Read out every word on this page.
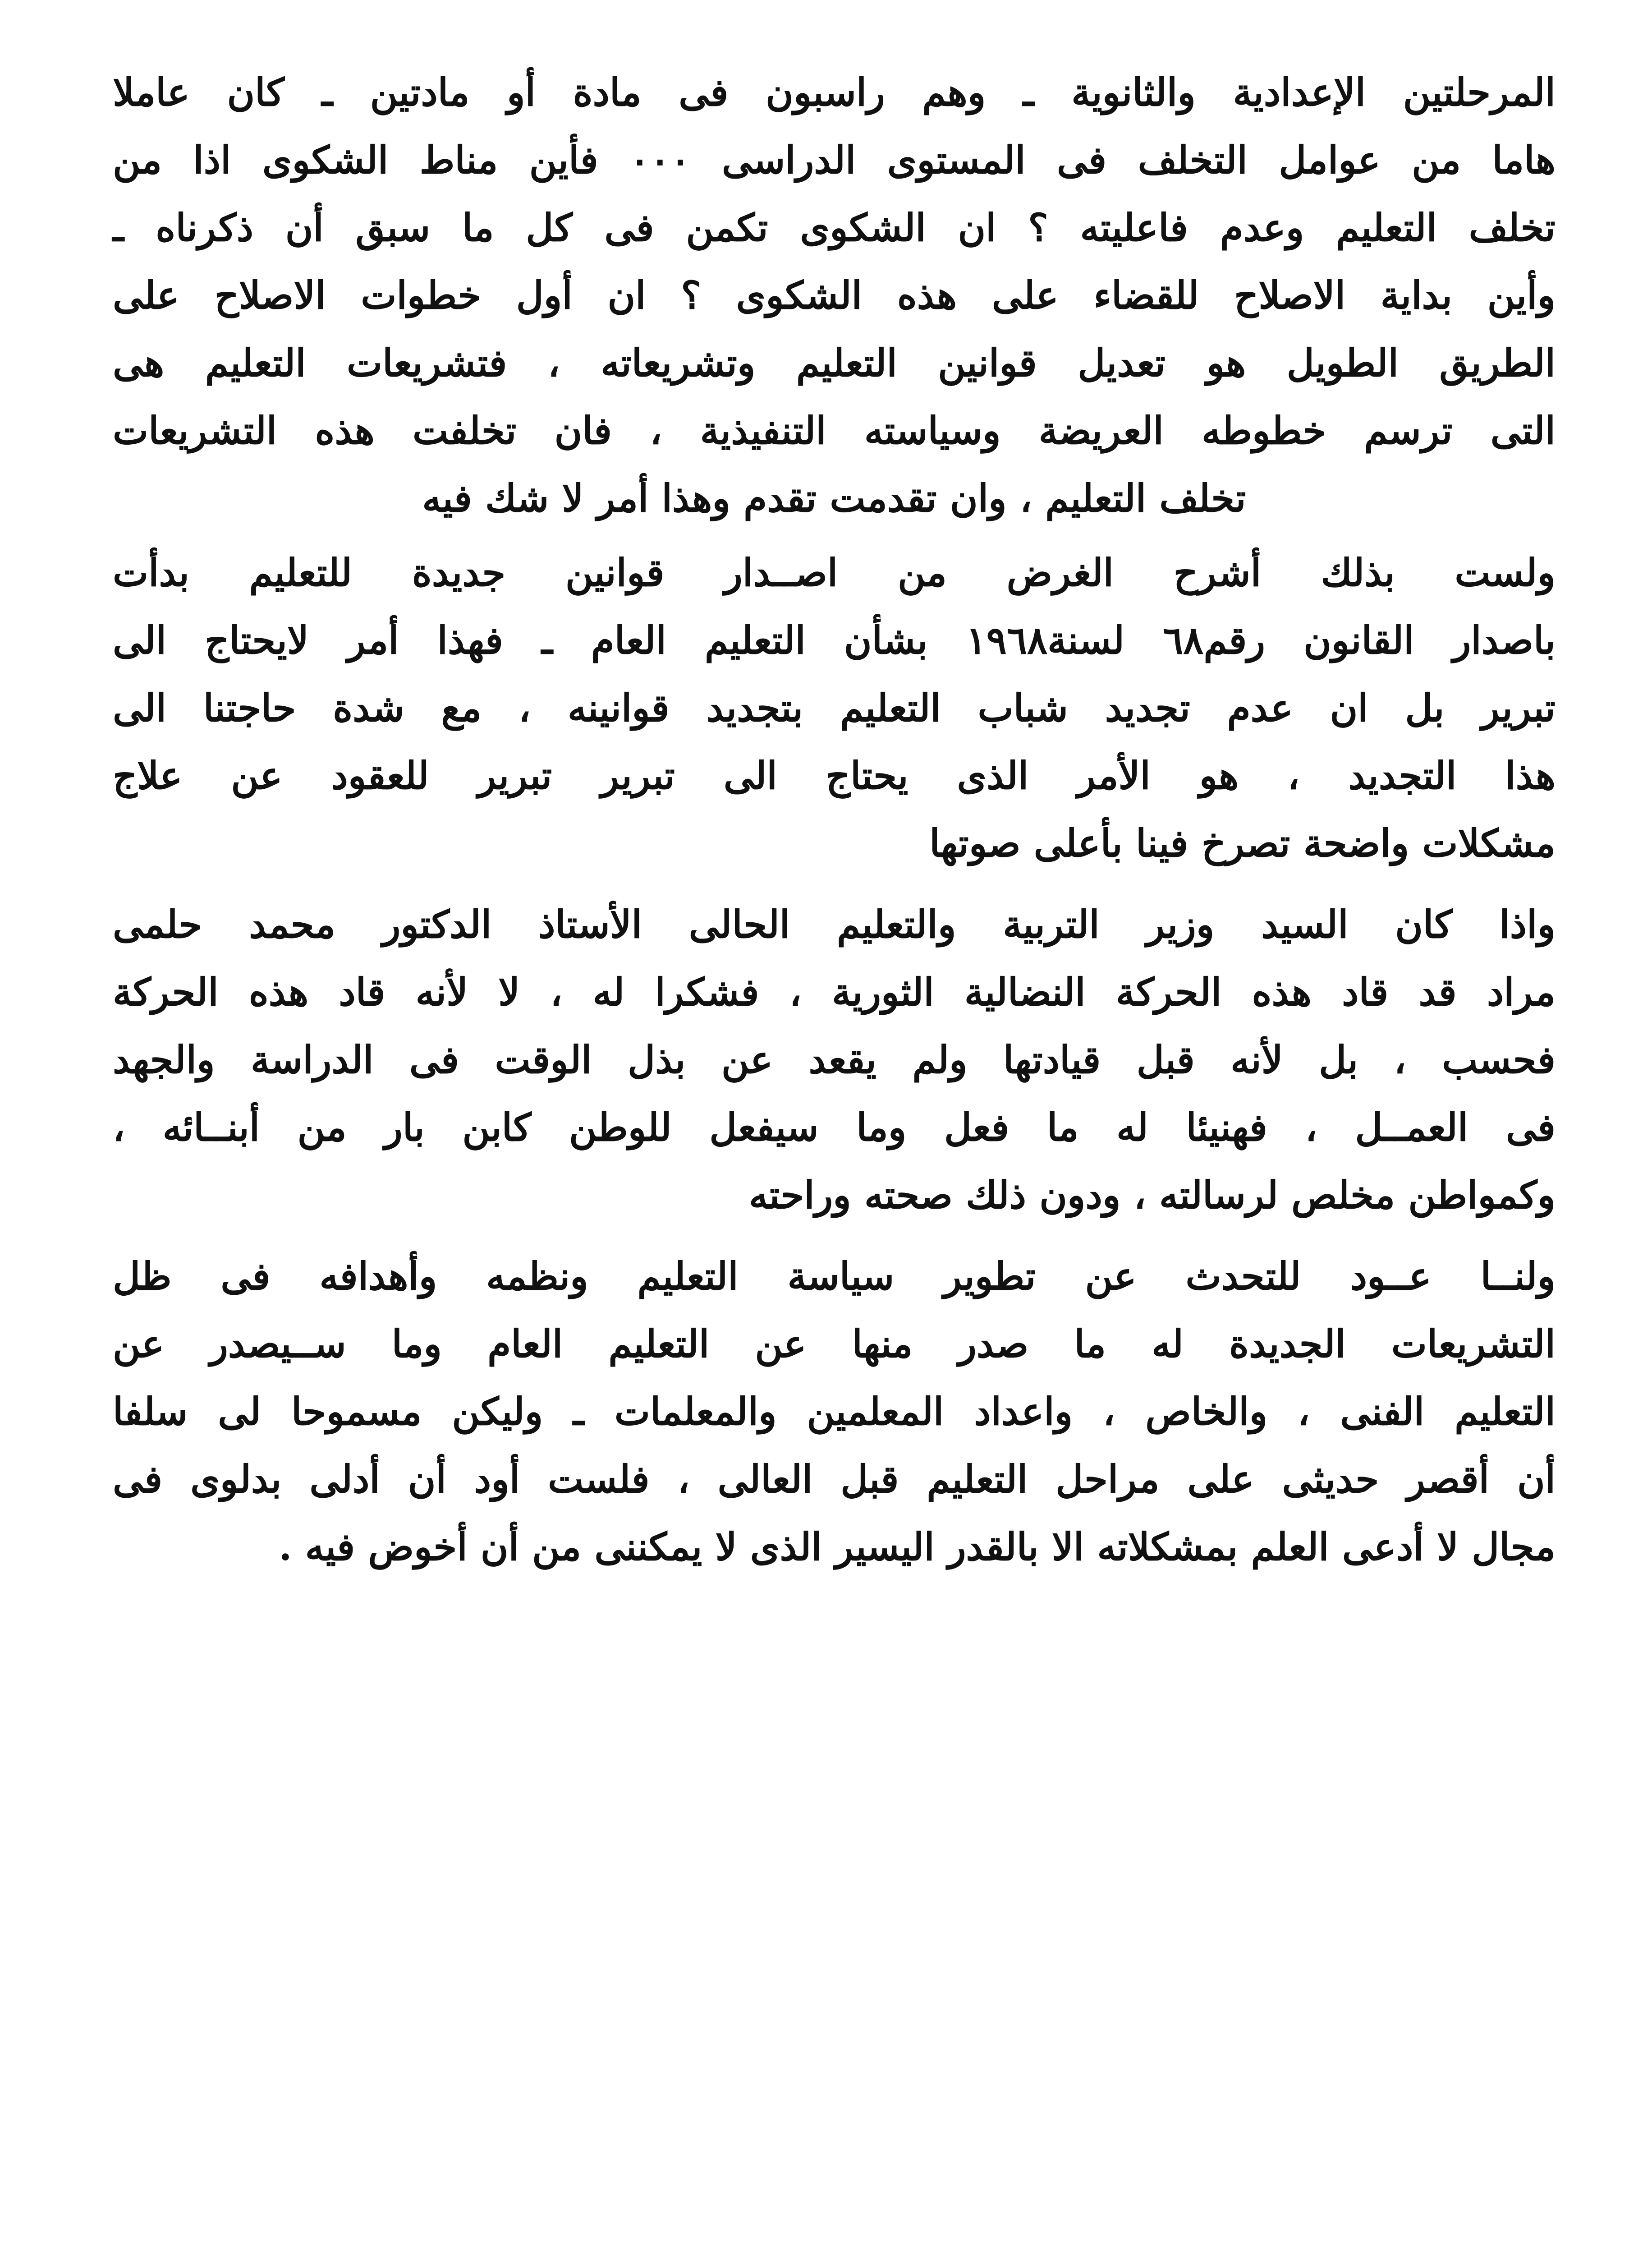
المرحلتين الإعدادية والثانوية ـ وهم راسبون فى مادة أو مادتين ـ كان عاملا
هاما من عوامل التخلف فى المستوى الدراسى ٠٠٠ فأين مناط الشكوى اذا من
تخلف التعليم وعدم فاعليته ؟ ان الشكوى تكمن فى كل ما سبق أن ذكرناه ـ
وأين بداية الاصلاح للقضاء على هذه الشكوى ؟ ان أول خطوات الاصلاح على
الطريق الطويل هو تعديل قوانين التعليم وتشريعاته ، فتشريعات التعليم هى
التى ترسم خطوطه العريضة وسياسته التنفيذية ، فان تخلفت هذه التشريعات
تخلف التعليم ، وان تقدمت تقدم وهذا أمر لا شك فيه
ولست بذلك أشرح الغرض من اصــدار قوانين جديدة للتعليم بدأت
باصدار القانون رقم٦٨ لسنة١٩٦٨ بشأن التعليم العام ـ فهذا أمر لايحتاج الى
تبرير بل ان عدم تجديد شباب التعليم بتجديد قوانينه ، مع شدة حاجتنا الى
هذا التجديد ، هو الأمر الذى يحتاج الى تبرير تبرير للعقود عن علاج
مشكلات واضحة تصرخ فينا بأعلى صوتها
واذا كان السيد وزير التربية والتعليم الحالى الأستاذ الدكتور محمد حلمى
مراد قد قاد هذه الحركة النضالية الثورية ، فشكرا له ، لا لأنه قاد هذه الحركة
فحسب ، بل لأنه قبل قيادتها ولم يقعد عن بذل الوقت فى الدراسة والجهد
فى العمــل ، فهنيئا له ما فعل وما سيفعل للوطن كابن بار من أبنــائه ،
وكمواطن مخلص لرسالته ، ودون ذلك صحته وراحته
ولنــا عــود للتحدث عن تطوير سياسة التعليم ونظمه وأهدافه فى ظل
التشريعات الجديدة له ما صدر منها عن التعليم العام وما ســيصدر عن
التعليم الفنى ، والخاص ، واعداد المعلمين والمعلمات ـ وليكن مسموحا لى سلفا
أن أقصر حديثى على مراحل التعليم قبل العالى ، فلست أود أن أدلى بدلوى فى
مجال لا أدعى العلم بمشكلاته الا بالقدر اليسير الذى لا يمكننى من أن أخوض فيه .
